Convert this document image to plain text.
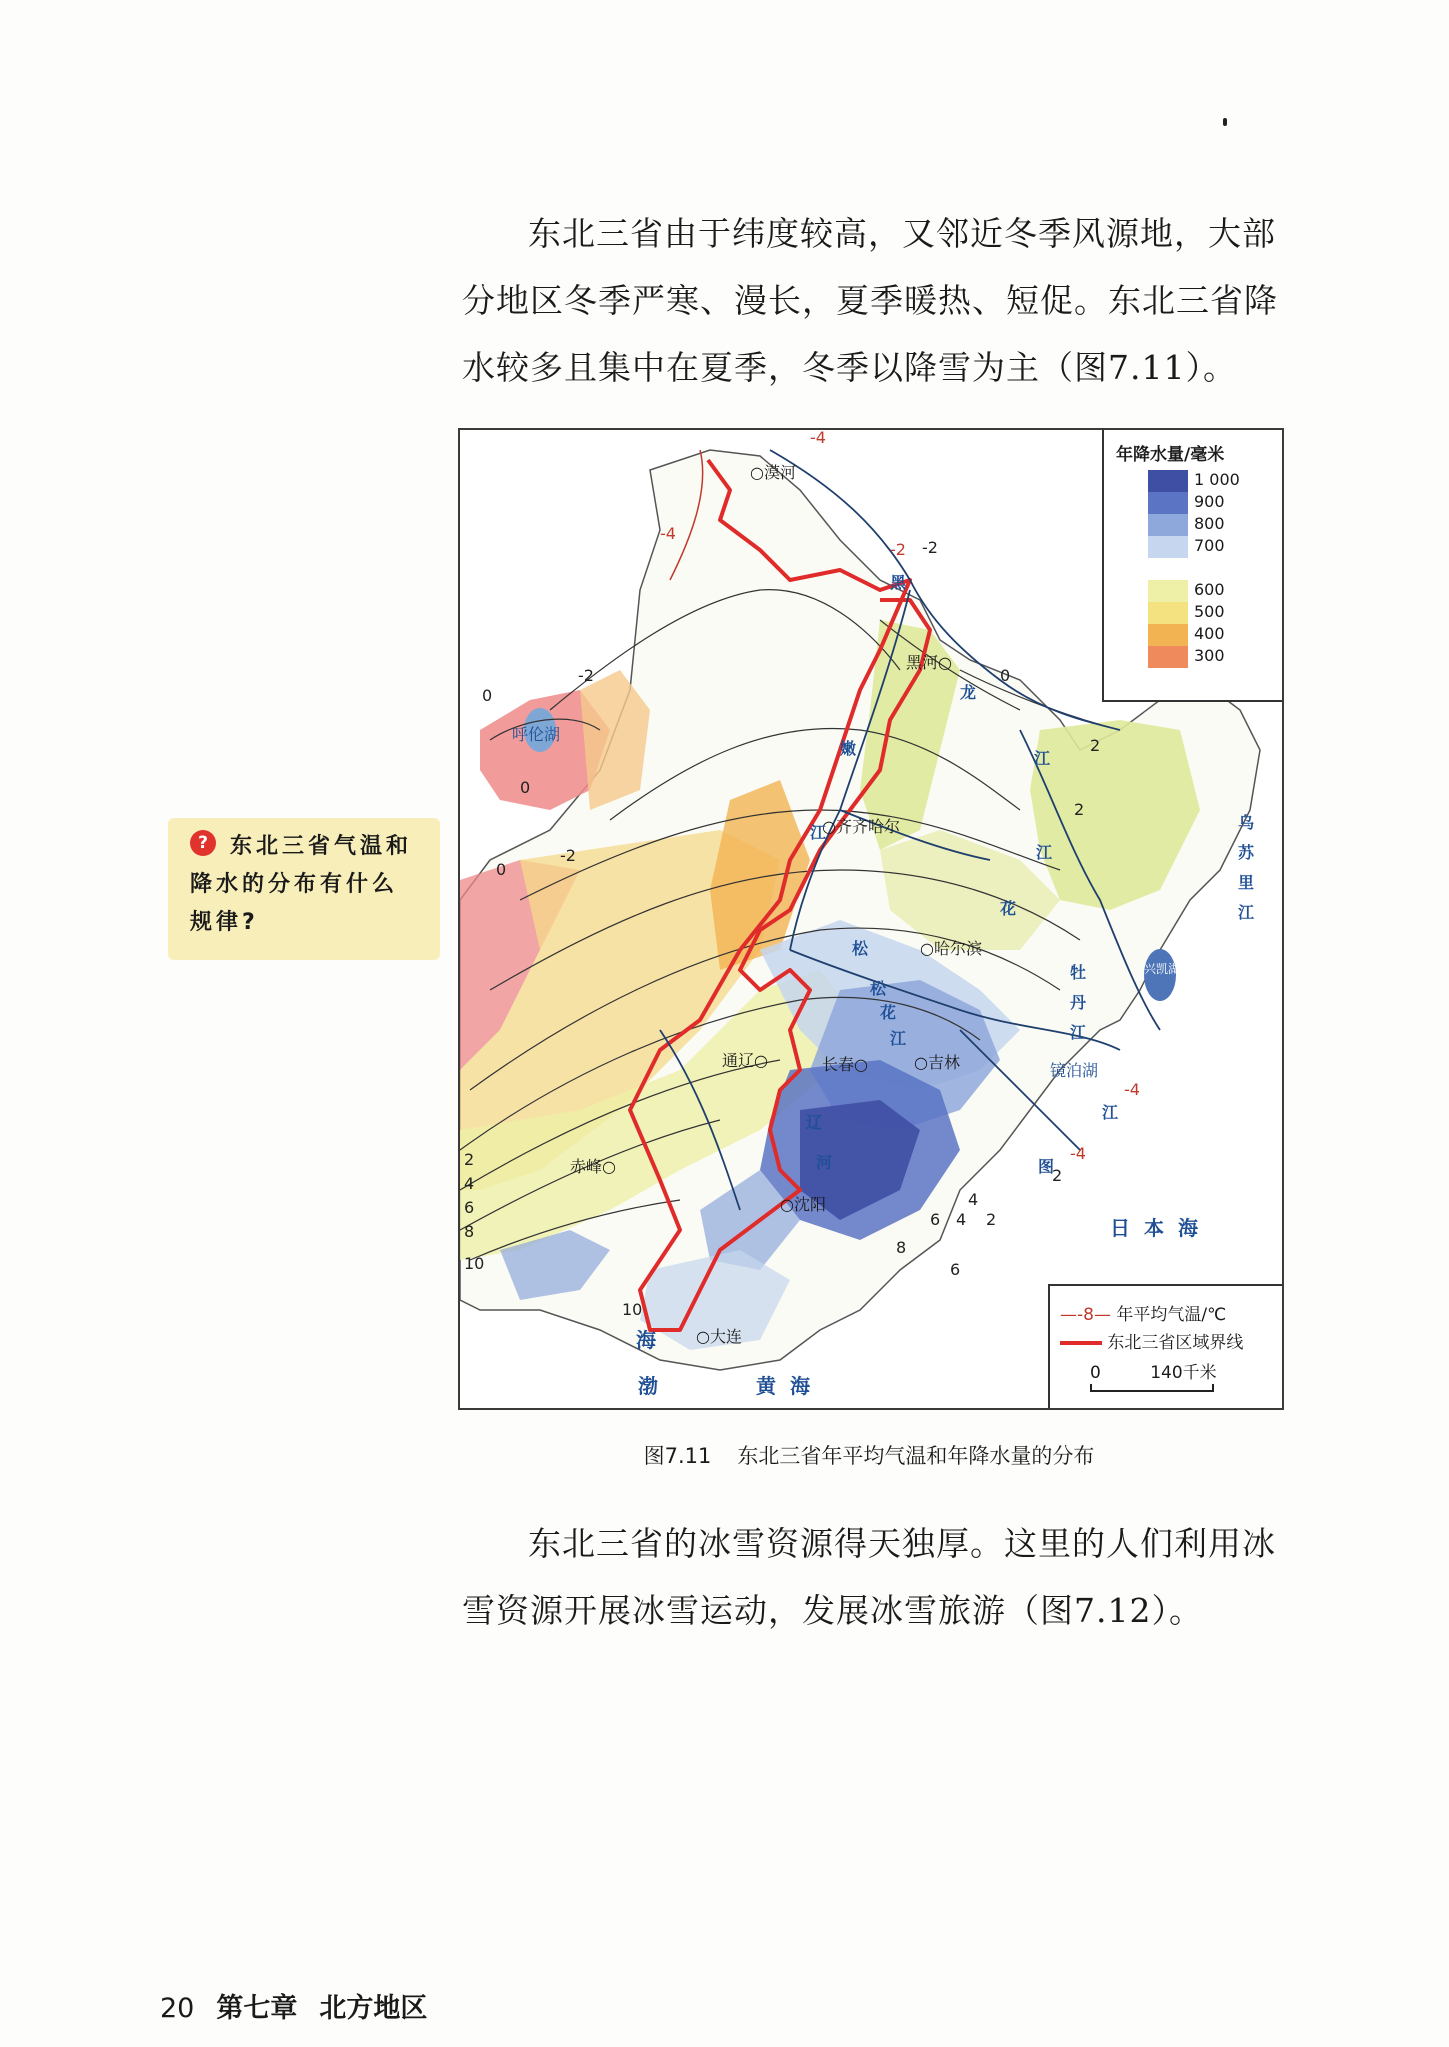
东北三省由于纬度较高，又邻近冬季风源地，大部分地区冬季严寒、漫长，夏季暖热、短促。东北三省降水较多且集中在夏季，冬季以降雪为主（图7.11）。
?	东北三省气温和降水的分布有什么规律?
年降水量/毫米
1 000
900
800
700
600
500
400
300
—-8— 年平均气温/℃
东北三省区域界线
0	140千米
○漠河
黑河○
○齐齐哈尔
○哈尔滨
长春○	○吉林
通辽○
赤峰○
○沈阳
○大连
呼伦湖
镜泊湖
黑
龙
江
嫩
江
松
花
江
松
花
江
乌
苏
里
江
牡
丹
江
辽
河	图
江
兴凯湖
日本海
渤
海
黄海
-2
-2
-2
0
0
0
2
0
2
2
4
6
8
10
2
4
6
8
10
6 4 2
-4
-4
-2
-4
-4
图7.11 东北三省年平均气温和年降水量的分布
东北三省的冰雪资源得天独厚。这里的人们利用冰雪资源开展冰雪运动，发展冰雪旅游（图7.12）。
20 第七章 北方地区
